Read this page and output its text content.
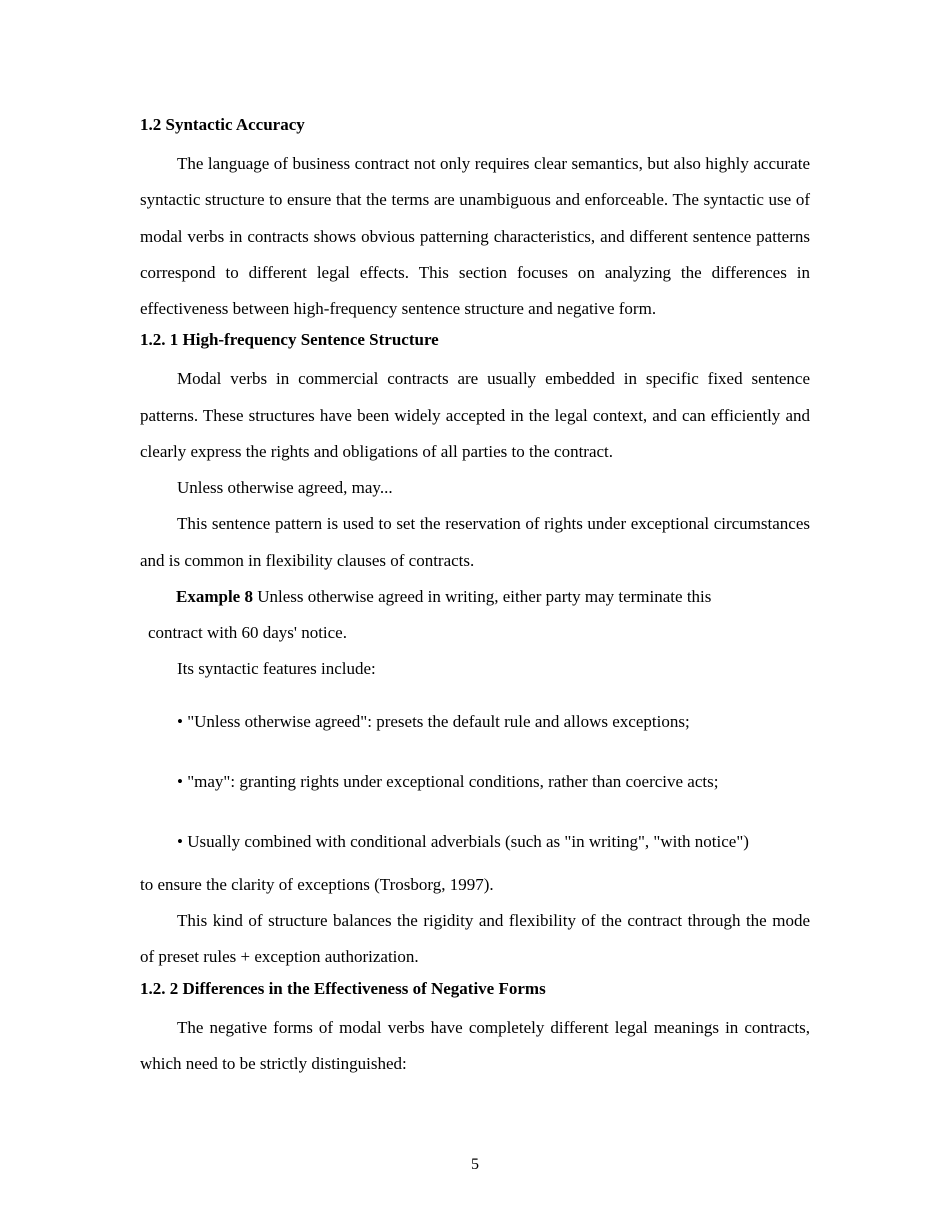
1.2 Syntactic Accuracy

The language of business contract not only requires clear semantics, but also highly accurate syntactic structure to ensure that the terms are unambiguous and enforceable. The syntactic use of modal verbs in contracts shows obvious patterning characteristics, and different sentence patterns correspond to different legal effects. This section focuses on analyzing the differences in effectiveness between high-frequency sentence structure and negative form.

1.2. 1 High-frequency Sentence Structure

Modal verbs in commercial contracts are usually embedded in specific fixed sentence patterns. These structures have been widely accepted in the legal context, and can efficiently and clearly express the rights and obligations of all parties to the contract.

Unless otherwise agreed, may...

This sentence pattern is used to set the reservation of rights under exceptional circumstances and is common in flexibility clauses of contracts.

Example 8 Unless otherwise agreed in writing, either party may terminate this
contract with 60 days' notice.

Its syntactic features include:

• "Unless otherwise agreed": presets the default rule and allows exceptions;

• "may": granting rights under exceptional conditions, rather than coercive acts;

• Usually combined with conditional adverbials (such as "in writing", "with notice")

to ensure the clarity of exceptions (Trosborg, 1997).

This kind of structure balances the rigidity and flexibility of the contract through the mode of preset rules + exception authorization.

1.2. 2 Differences in the Effectiveness of Negative Forms

The negative forms of modal verbs have completely different legal meanings in contracts, which need to be strictly distinguished:

5
